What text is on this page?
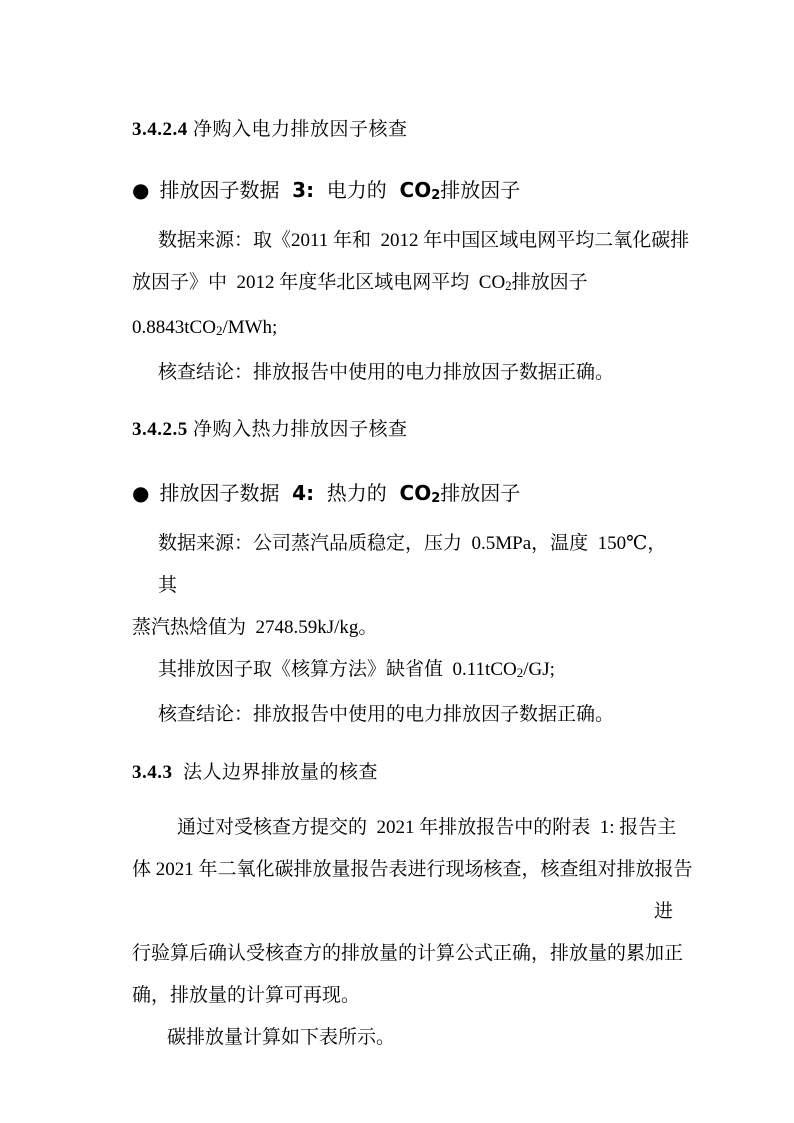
3.4.2.4 净购入电力排放因子核查
● 排放因子数据  3:  电力的  CO2排放因子
数据来源：取《2011 年和  2012 年中国区域电网平均二氧化碳排
放因子》中  2012 年度华北区域电网平均  CO2排放因子
0.8843tCO2/MWh;
核查结论：排放报告中使用的电力排放因子数据正确。
3.4.2.5 净购入热力排放因子核查
● 排放因子数据  4:  热力的  CO2排放因子
数据来源：公司蒸汽品质稳定，压力  0.5MPa，温度  150℃，
其
蒸汽热焓值为  2748.59kJ/kg。
其排放因子取《核算方法》缺省值  0.11tCO2/GJ;
核查结论：排放报告中使用的电力排放因子数据正确。
3.4.3  法人边界排放量的核查
通过对受核查方提交的  2021 年排放报告中的附表  1: 报告主
体 2021 年二氧化碳排放量报告表进行现场核查，核查组对排放报告
进
行验算后确认受核查方的排放量的计算公式正确，排放量的累加正
确，排放量的计算可再现。
碳排放量计算如下表所示。
